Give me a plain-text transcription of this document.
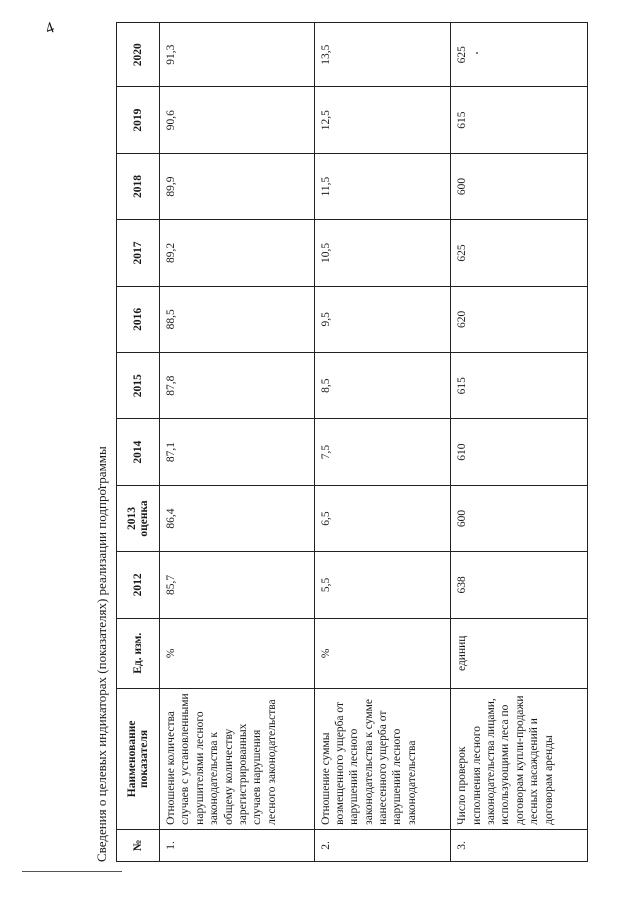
4
Сведения о целевых индикаторах (показателях) реализации подпрограммы	№	Наименование показателя	Ед. изм.	2012	2013 оценка	2014	2015	2016	2017	2018	2019	2020
1.	Отношение количества случаев с установленными нарушителями лесного законодательства к общему количеству зарегистрированных случаев нарушения лесного законодательства	%	85,7	86,4	87,1	87,8	88,5	89,2	89,9	90,6	91,3
2.	Отношение суммы возмещенного ущерба от нарушений лесного законодательства к сумме нанесенного ущерба от нарушений лесного законодательства	%	5,5	6,5	7,5	8,5	9,5	10,5	11,5	12,5	13,5
3.	Число проверок исполнения лесного законодательства лицами, использующими леса по договорам купли-продажи лесных насаждений и договорам аренды	единиц	638	600	610	615	620	625	600	615	625
